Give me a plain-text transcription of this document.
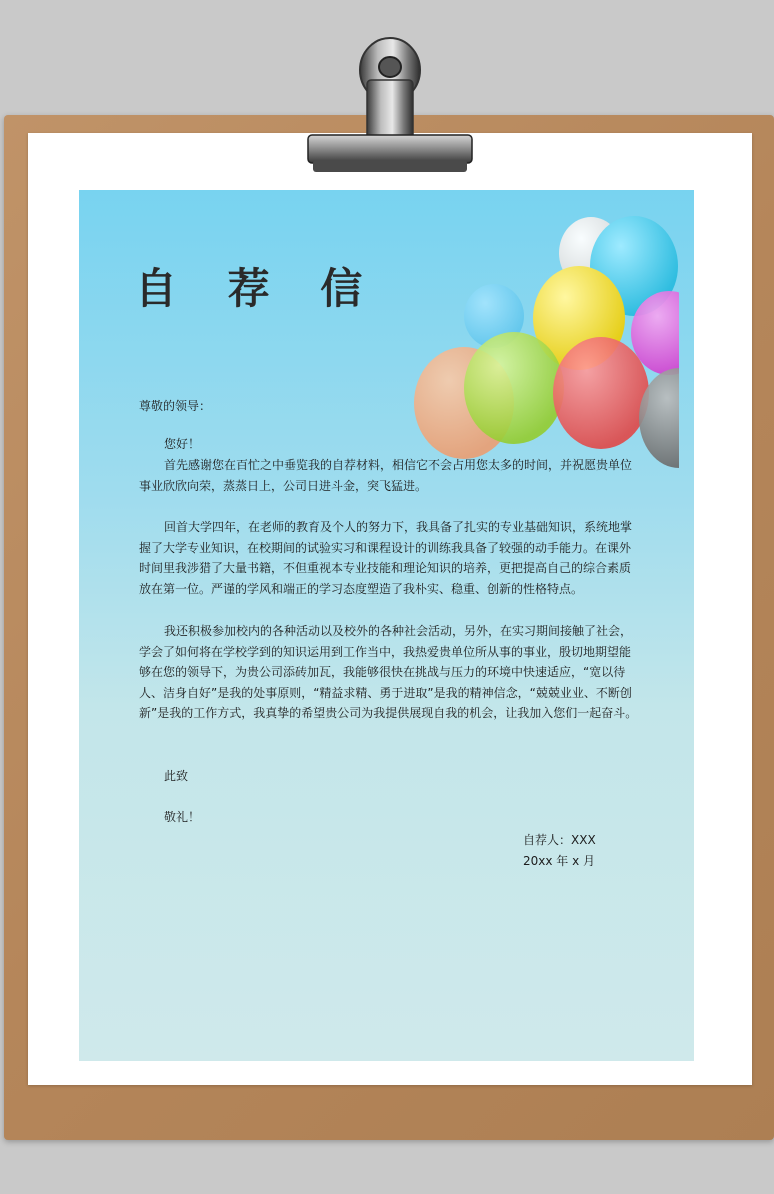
自 荐 信
尊敬的领导：
您好！
首先感谢您在百忙之中垂览我的自荐材料，相信它不会占用您太多的时间，并祝愿贵单位事业欣欣向荣，蒸蒸日上，公司日进斗金，突飞猛进。
回首大学四年，在老师的教育及个人的努力下，我具备了扎实的专业基础知识，系统地掌握了大学专业知识，在校期间的试验实习和课程设计的训练我具备了较强的动手能力。在课外时间里我涉猎了大量书籍，不但重视本专业技能和理论知识的培养，更把提高自己的综合素质放在第一位。严谨的学风和端正的学习态度塑造了我朴实、稳重、创新的性格特点。
我还积极参加校内的各种活动以及校外的各种社会活动，另外，在实习期间接触了社会，学会了如何将在学校学到的知识运用到工作当中，我热爱贵单位所从事的事业，殷切地期望能够在您的领导下，为贵公司添砖加瓦，我能够很快在挑战与压力的环境中快速适应，“宽以待人、洁身自好”是我的处事原则，“精益求精、勇于进取”是我的精神信念，“兢兢业业、不断创新”是我的工作方式，我真挚的希望贵公司为我提供展现自我的机会，让我加入您们一起奋斗。
此致
敬礼！
自荐人：XXX
20xx 年 x 月
